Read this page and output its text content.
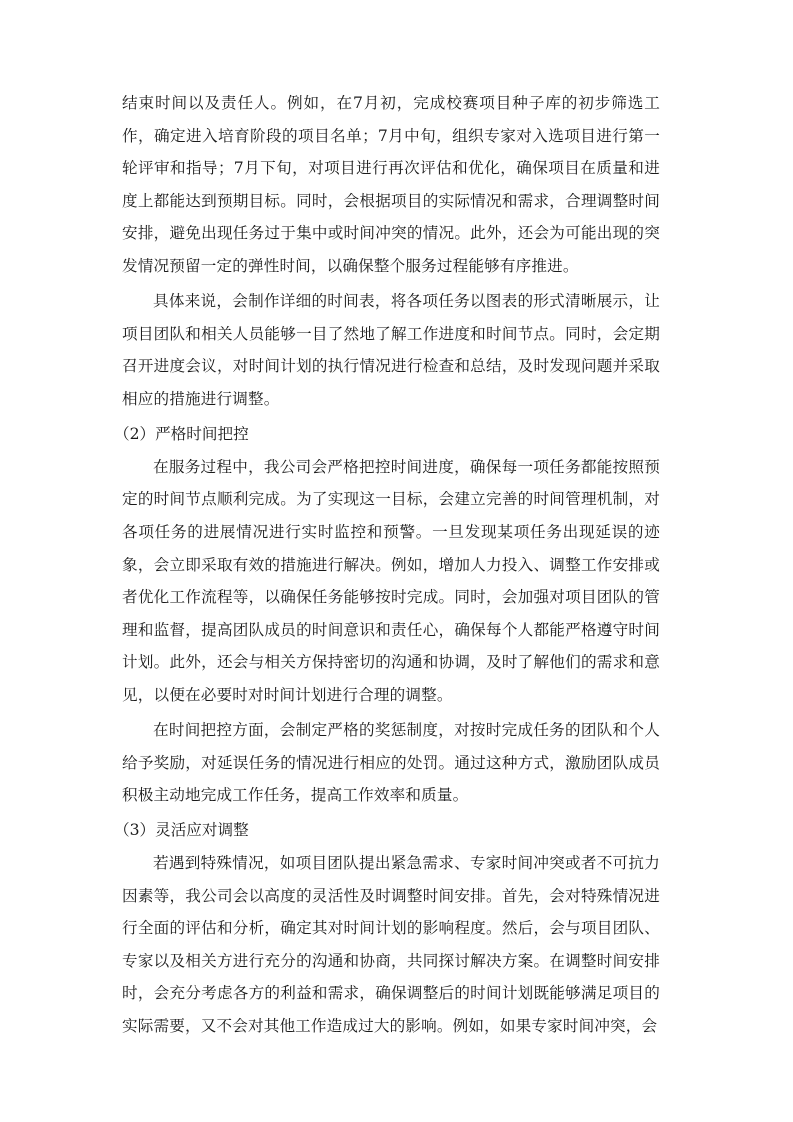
结束时间以及责任人。例如，在7月初，完成校赛项目种子库的初步筛选工作，确定进入培育阶段的项目名单；7月中旬，组织专家对入选项目进行第一轮评审和指导；7月下旬，对项目进行再次评估和优化，确保项目在质量和进度上都能达到预期目标。同时，会根据项目的实际情况和需求，合理调整时间安排，避免出现任务过于集中或时间冲突的情况。此外，还会为可能出现的突发情况预留一定的弹性时间，以确保整个服务过程能够有序推进。

具体来说，会制作详细的时间表，将各项任务以图表的形式清晰展示，让项目团队和相关人员能够一目了然地了解工作进度和时间节点。同时，会定期召开进度会议，对时间计划的执行情况进行检查和总结，及时发现问题并采取相应的措施进行调整。

（2）严格时间把控

在服务过程中，我公司会严格把控时间进度，确保每一项任务都能按照预定的时间节点顺利完成。为了实现这一目标，会建立完善的时间管理机制，对各项任务的进展情况进行实时监控和预警。一旦发现某项任务出现延误的迹象，会立即采取有效的措施进行解决。例如，增加人力投入、调整工作安排或者优化工作流程等，以确保任务能够按时完成。同时，会加强对项目团队的管理和监督，提高团队成员的时间意识和责任心，确保每个人都能严格遵守时间计划。此外，还会与相关方保持密切的沟通和协调，及时了解他们的需求和意见，以便在必要时对时间计划进行合理的调整。

在时间把控方面，会制定严格的奖惩制度，对按时完成任务的团队和个人给予奖励，对延误任务的情况进行相应的处罚。通过这种方式，激励团队成员积极主动地完成工作任务，提高工作效率和质量。

（3）灵活应对调整

若遇到特殊情况，如项目团队提出紧急需求、专家时间冲突或者不可抗力因素等，我公司会以高度的灵活性及时调整时间安排。首先，会对特殊情况进行全面的评估和分析，确定其对时间计划的影响程度。然后，会与项目团队、专家以及相关方进行充分的沟通和协商，共同探讨解决方案。在调整时间安排时，会充分考虑各方的利益和需求，确保调整后的时间计划既能够满足项目的实际需要，又不会对其他工作造成过大的影响。例如，如果专家时间冲突，会
